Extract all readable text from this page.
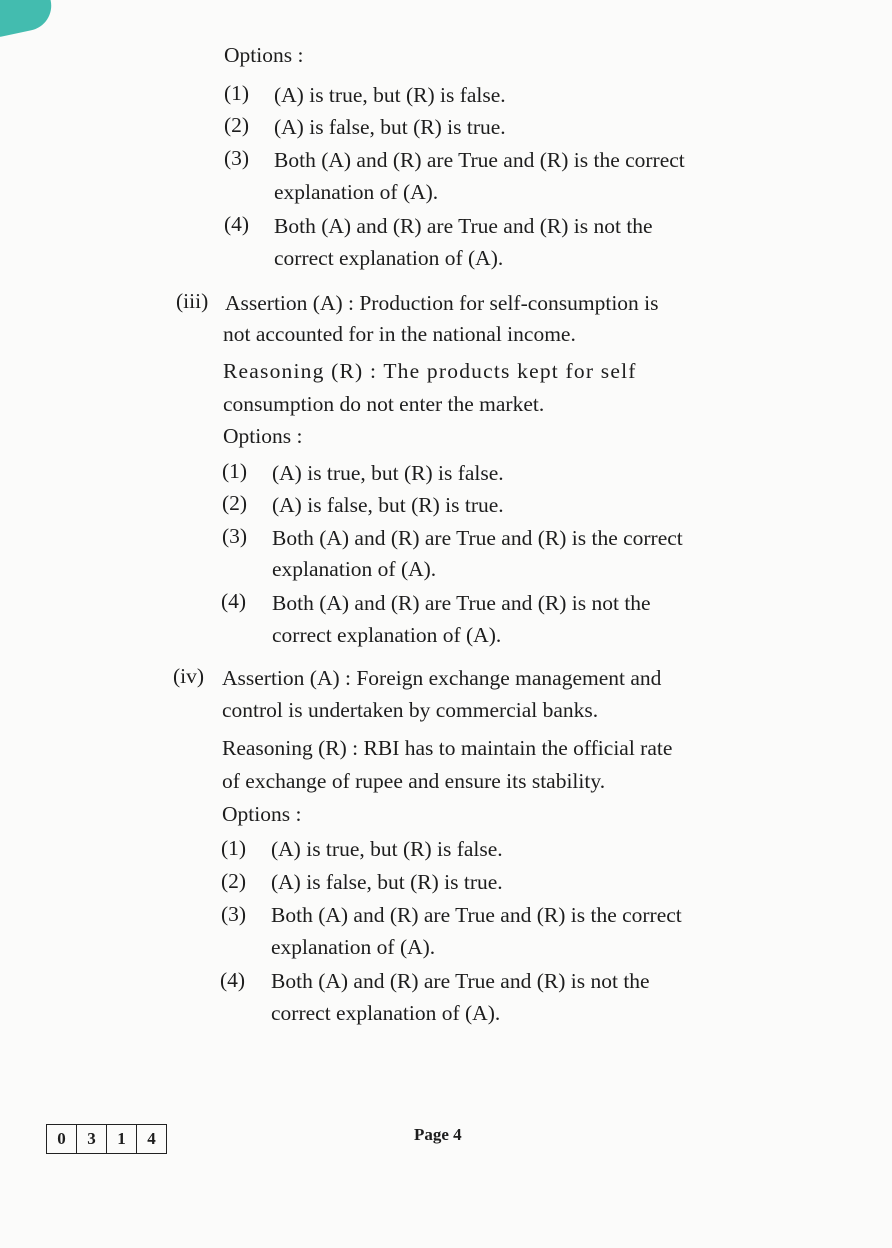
Options :
(1) (A) is true, but (R) is false.
(2) (A) is false, but (R) is true.
(3) Both (A) and (R) are True and (R) is the correct
explanation of (A).
(4) Both (A) and (R) are True and (R) is not the
correct explanation of (A).
(iii) Assertion (A) : Production for self-consumption is
not accounted for in the national income.
Reasoning (R) : The products kept for self
consumption do not enter the market.
Options :
(1) (A) is true, but (R) is false.
(2) (A) is false, but (R) is true.
(3) Both (A) and (R) are True and (R) is the correct
explanation of (A).
(4) Both (A) and (R) are True and (R) is not the
correct explanation of (A).
(iv) Assertion (A) : Foreign exchange management and
control is undertaken by commercial banks.
Reasoning (R) : RBI has to maintain the official rate
of exchange of rupee and ensure its stability.
Options :
(1) (A) is true, but (R) is false.
(2) (A) is false, but (R) is true.
(3) Both (A) and (R) are True and (R) is the correct
explanation of (A).
(4) Both (A) and (R) are True and (R) is not the
correct explanation of (A).
0	3	1	4	Page 4
